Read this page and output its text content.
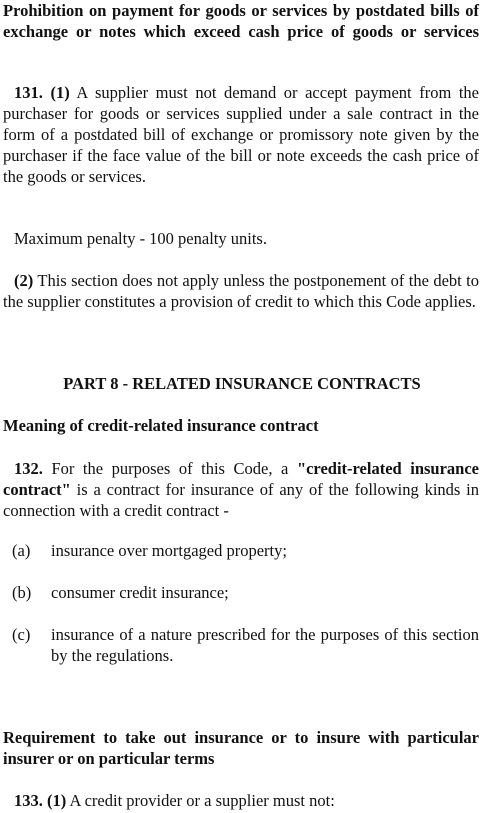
Prohibition on payment for goods or services by postdated bills of exchange or notes which exceed cash price of goods or services

131. (1) A supplier must not demand or accept payment from the purchaser for goods or services supplied under a sale contract in the form of a postdated bill of exchange or promissory note given by the purchaser if the face value of the bill or note exceeds the cash price of the goods or services.

Maximum penalty - 100 penalty units.

(2) This section does not apply unless the postponement of the debt to the supplier constitutes a provision of credit to which this Code applies.

PART 8 - RELATED INSURANCE CONTRACTS
Meaning of credit-related insurance contract

132. For the purposes of this Code, a "credit-related insurance contract" is a contract for insurance of any of the following kinds in connection with a credit contract -

(a) insurance over mortgaged property;
(b) consumer credit insurance;
(c) insurance of a nature prescribed for the purposes of this section by the regulations.
Requirement to take out insurance or to insure with particular insurer or on particular terms

133. (1) A credit provider or a supplier must not:
